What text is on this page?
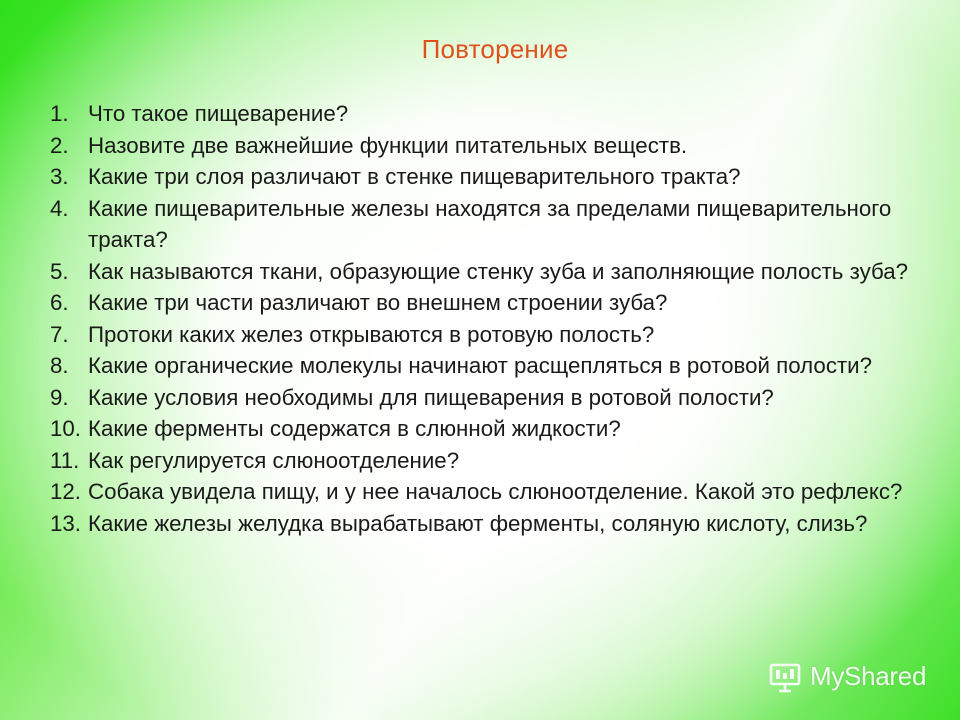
Повторение
1. Что такое пищеварение?
2. Назовите две важнейшие функции питательных веществ.
3. Какие три слоя различают в стенке пищеварительного тракта?
4. Какие пищеварительные железы находятся за пределами пищеварительного тракта?
5. Как называются ткани, образующие стенку зуба и заполняющие полость зуба?
6. Какие три части различают во внешнем строении зуба?
7. Протоки каких желез открываются в ротовую полость?
8. Какие органические молекулы начинают расщепляться в ротовой полости?
9. Какие условия необходимы для пищеварения в ротовой полости?
10. Какие ферменты содержатся в слюнной жидкости?
11. Как регулируется слюноотделение?
12. Собака увидела пищу, и у нее началось слюноотделение. Какой это рефлекс?
13. Какие железы желудка вырабатывают ферменты, соляную кислоту, слизь?
MyShared
